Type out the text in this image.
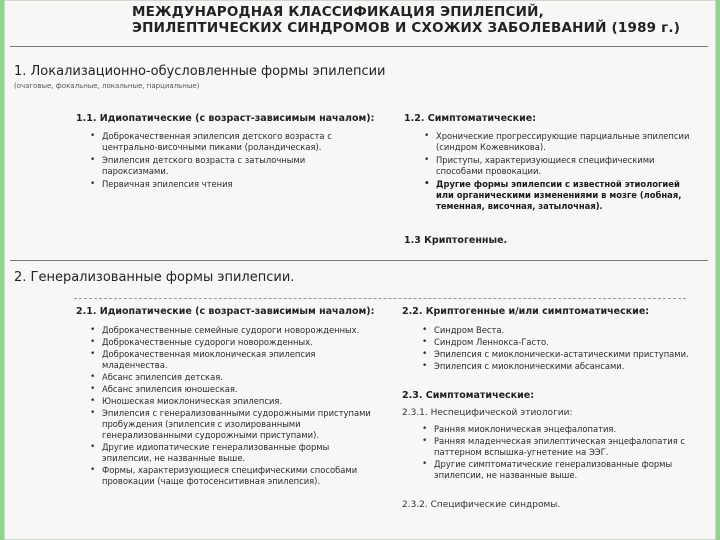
МЕЖДУНАРОДНАЯ КЛАССИФИКАЦИЯ ЭПИЛЕПСИЙ,
ЭПИЛЕПТИЧЕСКИХ СИНДРОМОВ И СХОЖИХ ЗАБОЛЕВАНИЙ (1989 г.)
1. Локализационно-обусловленные формы эпилепсии
(очаговые, фокальные, локальные, парциальные)
1.1. Идиопатические (с возраст-зависимым началом):
• Доброкачественная эпилепсия детского возраста с центрально-височными пиками (роландическая).
• Эпилепсия детского возраста с затылочными пароксизмами.
• Первичная эпилепсия чтения
1.2. Симптоматические:
• Хронические прогрессирующие парциальные эпилепсии (синдром Кожевникова).
• Приступы, характеризующиеся специфическими способами провокации.
• Другие формы эпилепсии с известной этиологией или органическими изменениями в мозге (лобная, теменная, височная, затылочная).
1.3 Криптогенные.
2. Генерализованные формы эпилепсии.
2.1. Идиопатические (с возраст-зависимым началом):
• Доброкачественные семейные судороги новорожденных.
• Доброкачественные судороги новорожденных.
• Доброкачественная миоклоническая эпилепсия младенчества.
• Абсанс эпилепсия детская.
• Абсанс эпилепсия юношеская.
• Юношеская миоклоническая эпилепсия.
• Эпилепсия с генерализованными судорожными приступами пробуждения (эпилепсия с изолированными генерализованными судорожными приступами).
• Другие идиопатические генерализованные формы эпилепсии, не названные выше.
• Формы, характеризующиеся специфическими способами провокации (чаще фотосенситивная эпилепсия).
2.2. Криптогенные и/или симптоматические:
• Синдром Веста.
• Синдром Леннокса-Гасто.
• Эпилепсия с миоклонически-астатическими приступами.
• Эпилепсия с миоклоническими абсансами.
2.3. Симптоматические:
2.3.1. Неспецифической этиологии:
• Ранняя миоклоническая энцефалопатия.
• Ранняя младенческая эпилептическая энцефалопатия с паттерном вспышка-угнетение на ЭЭГ.
• Другие симптоматические генерализованные формы эпилепсии, не названные выше.
2.3.2. Специфические синдромы.
